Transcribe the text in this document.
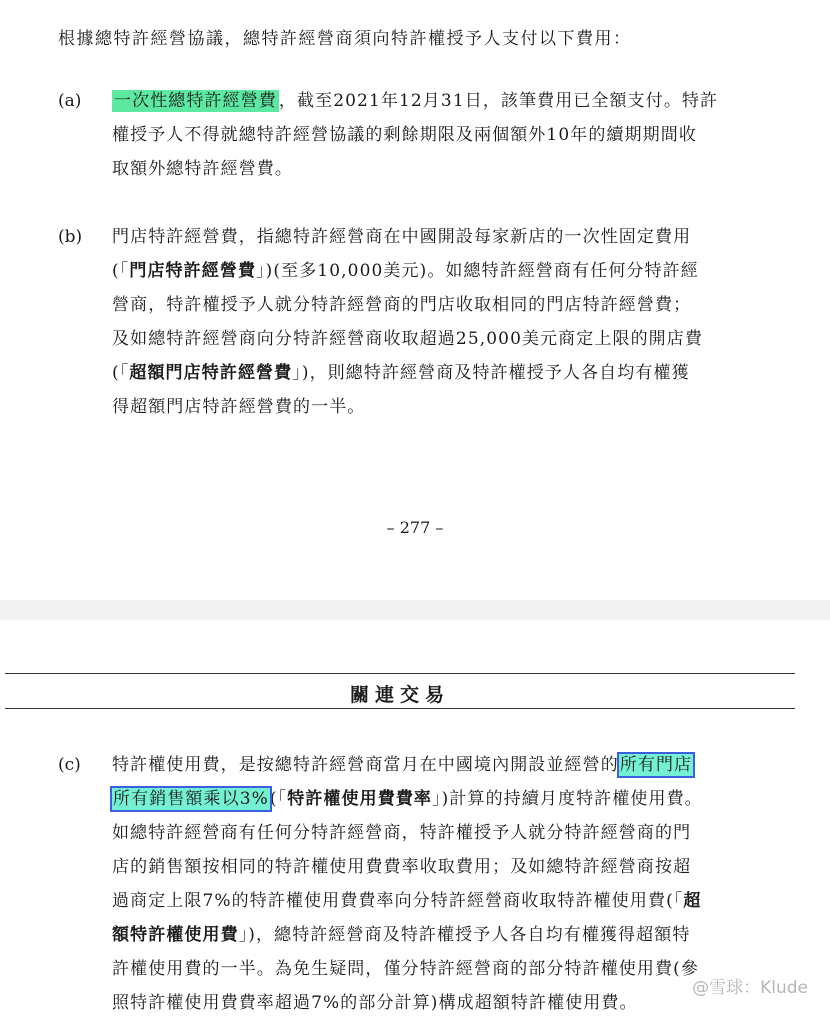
根據總特許經營協議，總特許經營商須向特許權授予人支付以下費用：
(a) 一次性總特許經營費 ，截至2021年12月31日，該筆費用已全額支付。特許
權授予人不得就總特許經營協議的剩餘期限及兩個額外10年的續期期間收
取額外總特許經營費。
(b) 門店特許經營費，指總特許經營商在中國開設每家新店的一次性固定費用
(「門店特許經營費」)(至多10,000美元)。如總特許經營商有任何分特許經
營商，特許權授予人就分特許經營商的門店收取相同的門店特許經營費；
及如總特許經營商向分特許經營商收取超過25,000美元商定上限的開店費
(「超額門店特許經營費」)，則總特許經營商及特許權授予人各自均有權獲
得超額門店特許經營費的一半。
– 277 –
關連交易
(c) 特許權使用費，是按總特許經營商當月在中國境內開設並經營的所有門店
所有銷售額乘以3%(「特許權使用費費率」)計算的持續月度特許權使用費。
如總特許經營商有任何分特許經營商，特許權授予人就分特許經營商的門
店的銷售額按相同的特許權使用費費率收取費用；及如總特許經營商按超
過商定上限7%的特許權使用費費率向分特許經營商收取特許權使用費(「超
額特許權使用費」)，總特許經營商及特許權授予人各自均有權獲得超額特
許權使用費的一半。為免生疑問，僅分特許經營商的部分特許權使用費(參
照特許權使用費費率超過7%的部分計算)構成超額特許權使用費。
@雪球：Klude
